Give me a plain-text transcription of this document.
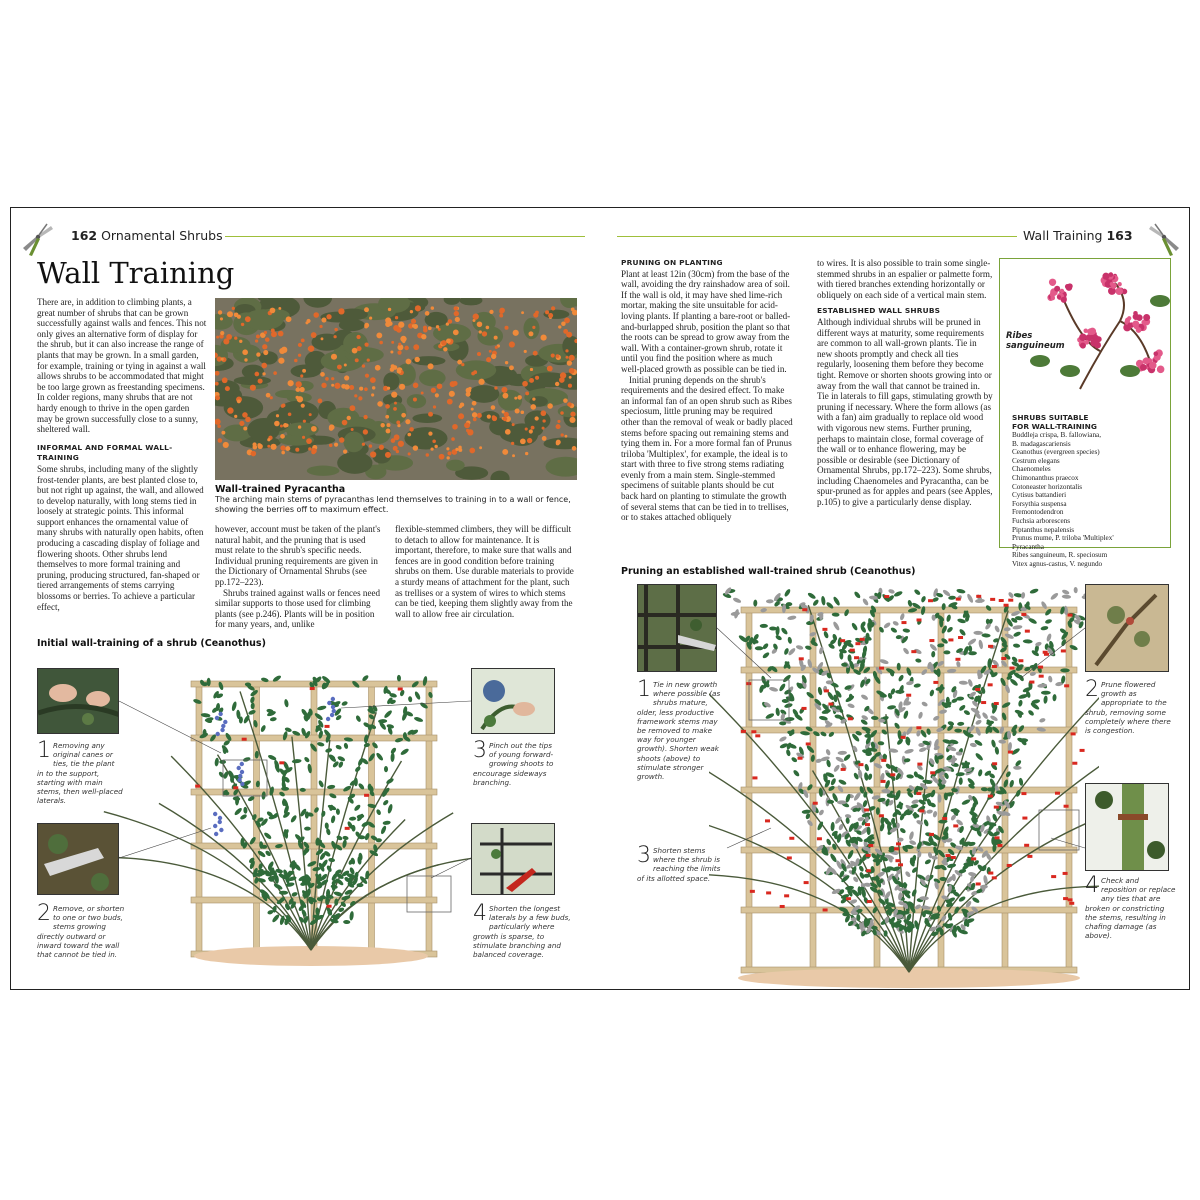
162 Ornamental Shrubs
Wall Training

There are, in addition to climbing plants, a great number of shrubs that can be grown successfully against walls and fences. This not only gives an alternative form of display for the shrub, but it can also increase the range of plants that may be grown. In a small garden, for example, training or tying in against a wall allows shrubs to be accommodated that might be too large grown as freestanding specimens. In colder regions, many shrubs that are not hardy enough to thrive in the open garden may be grown successfully close to a sunny, sheltered wall.

INFORMAL AND FORMAL WALL-TRAINING

Some shrubs, including many of the slightly frost-tender plants, are best planted close to, but not right up against, the wall, and allowed to develop naturally, with long stems tied in loosely at strategic points. This informal support enhances the ornamental value of many shrubs with naturally open habits, often producing a cascading display of foliage and flowering shoots. Other shrubs lend themselves to more formal training and pruning, producing structured, fan-shaped or tiered arrangements of stems carrying blossoms or berries. To achieve a particular effect,

Wall-trained Pyracantha
The arching main stems of pyracanthas lend themselves to training in to a wall or fence, showing the berries off to maximum effect.

however, account must be taken of the plant's natural habit, and the pruning that is used must relate to the shrub's specific needs. Individual pruning requirements are given in the Dictionary of Ornamental Shrubs (see pp.172–223).

Shrubs trained against walls or fences need similar supports to those used for climbing plants (see p.246). Plants will be in position for many years, and, unlike

flexible-stemmed climbers, they will be difficult to detach to allow for maintenance. It is important, therefore, to make sure that walls and fences are in good condition before training shrubs on them. Use durable materials to provide a sturdy means of attachment for the plant, such as trellises or a system of wires to which stems can be tied, keeping them slightly away from the wall to allow free air circulation.

Initial wall-training of a shrub (Ceanothus)
1 Removing any original canes or ties, tie the plant in to the support, starting with main stems, then well-placed laterals.
2 Remove, or shorten to one or two buds, stems growing directly outward or inward toward the wall that cannot be tied in.
3 Pinch out the tips of young forward-growing shoots to encourage sideways branching.
4 Shorten the longest laterals by a few buds, particularly where growth is sparse, to stimulate branching and balanced coverage.
Wall Training 163

PRUNING ON PLANTING

Plant at least 12in (30cm) from the base of the wall, avoiding the dry rainshadow area of soil. If the wall is old, it may have shed lime-rich mortar, making the site unsuitable for acid-loving plants. If planting a bare-root or balled-and-burlapped shrub, position the plant so that the roots can be spread to grow away from the wall. With a container-grown shrub, rotate it until you find the position where as much well-placed growth as possible can be tied in.

Initial pruning depends on the shrub's requirements and the desired effect. To make an informal fan of an open shrub such as Ribes speciosum, little pruning may be required other than the removal of weak or badly placed stems before spacing out remaining stems and tying them in. For a more formal fan of Prunus triloba 'Multiplex', for example, the ideal is to start with three to five strong stems radiating evenly from a main stem. Single-stemmed specimens of suitable plants should be cut back hard on planting to stimulate the growth of several stems that can be tied in to trellises, or to stakes attached obliquely

to wires. It is also possible to train some single-stemmed shrubs in an espalier or palmette form, with tiered branches extending horizontally or obliquely on each side of a vertical main stem.

ESTABLISHED WALL SHRUBS

Although individual shrubs will be pruned in different ways at maturity, some requirements are common to all wall-grown plants. Tie in new shoots promptly and check all ties regularly, loosening them before they become tight. Remove or shorten shoots growing into or away from the wall that cannot be trained in. Tie in laterals to fill gaps, stimulating growth by pruning if necessary. Where the form allows (as with a fan) aim gradually to replace old wood with vigorous new stems. Further pruning, perhaps to maintain close, formal coverage of the wall or to enhance flowering, may be possible or desirable (see Dictionary of Ornamental Shrubs, pp.172–223). Some shrubs, including Chaenomeles and Pyracantha, can be spur-pruned as for apples and pears (see Apples, p.105) to give a particularly dense display.

Ribes
sanguineum
SHRUBS SUITABLE
FOR WALL-TRAINING
Buddleja crispa, B. fallowiana,
B. madagascariensis
Ceanothus (evergreen species)
Cestrum elegans
Chaenomeles
Chimonanthus praecox
Cotoneaster horizontalis
Cytisus battandieri
Forsythia suspensa
Fremontodendron
Fuchsia arborescens
Piptanthus nepalensis
Prunus mume, P. triloba 'Multiplex'
Pyracantha
Ribes sanguineum, R. speciosum
Vitex agnus-castus, V. negundo
Pruning an established wall-trained shrub (Ceanothus)
1 Tie in new growth where possible (as shrubs mature, older, less productive framework stems may be removed to make way for younger growth). Shorten weak shoots (above) to stimulate stronger growth.
3 Shorten stems where the shrub is reaching the limits of its allotted space.
2 Prune flowered growth as appropriate to the shrub, removing some completely where there is congestion.
4 Check and reposition or replace any ties that are broken or constricting the stems, resulting in chafing damage (as above).
